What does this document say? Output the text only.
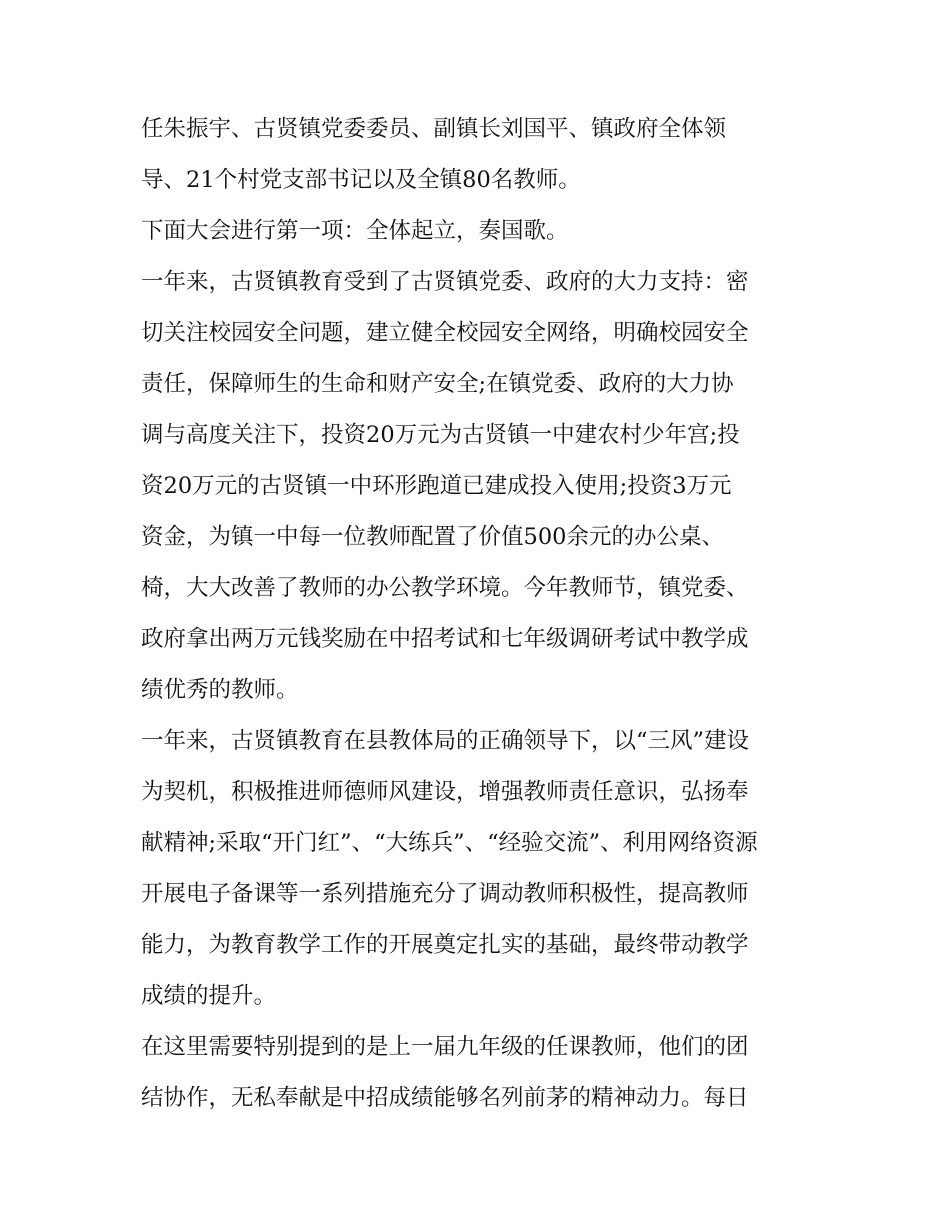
任朱振宇、古贤镇党委委员、副镇长刘国平、镇政府全体领
导、21个村党支部书记以及全镇80名教师。
下面大会进行第一项：全体起立，奏国歌。
一年来，古贤镇教育受到了古贤镇党委、政府的大力支持：密
切关注校园安全问题，建立健全校园安全网络，明确校园安全
责任，保障师生的生命和财产安全;在镇党委、政府的大力协
调与高度关注下，投资20万元为古贤镇一中建农村少年宫;投
资20万元的古贤镇一中环形跑道已建成投入使用;投资3万元
资金，为镇一中每一位教师配置了价值500余元的办公桌、
椅，大大改善了教师的办公教学环境。今年教师节，镇党委、
政府拿出两万元钱奖励在中招考试和七年级调研考试中教学成
绩优秀的教师。
一年来，古贤镇教育在县教体局的正确领导下，以“三风”建设
为契机，积极推进师德师风建设，增强教师责任意识，弘扬奉
献精神;采取“开门红”、“大练兵”、“经验交流”、利用网络资源
开展电子备课等一系列措施充分了调动教师积极性，提高教师
能力，为教育教学工作的开展奠定扎实的基础，最终带动教学
成绩的提升。
在这里需要特别提到的是上一届九年级的任课教师，他们的团
结协作，无私奉献是中招成绩能够名列前茅的精神动力。每日
